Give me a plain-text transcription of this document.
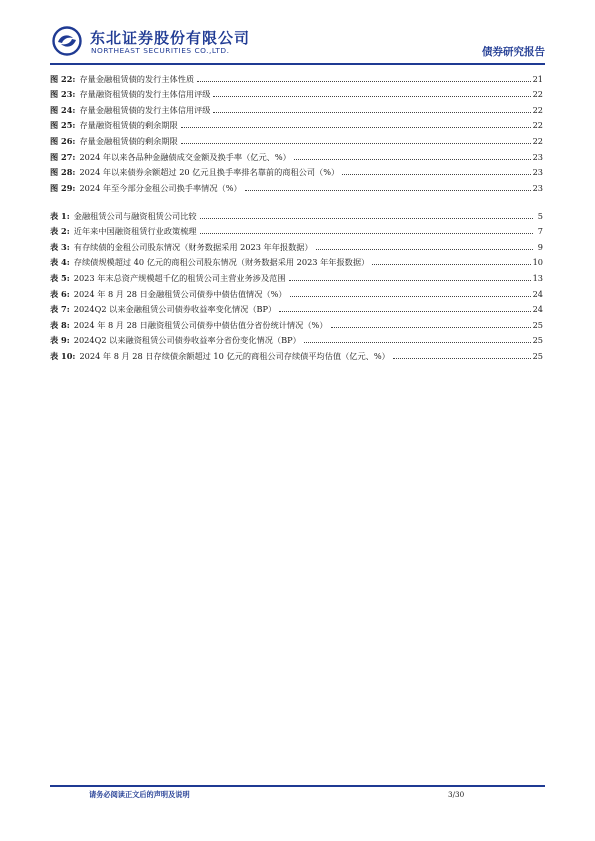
东北证券股份有限公司
NORTHEAST SECURITIES CO.,LTD.	债券研究报告
图 22: 存量金融租赁债的发行主体性质	21
图 23: 存量融资租赁债的发行主体信用评级	22
图 24: 存量金融租赁债的发行主体信用评级	22
图 25: 存量融资租赁债的剩余期限	22
图 26: 存量金融租赁债的剩余期限	22
图 27: 2024 年以来各品种金融债成交金额及换手率（亿元、%）	23
图 28: 2024 年以来债券余额超过 20 亿元且换手率排名靠前的商租公司（%）	23
图 29: 2024 年至今部分金租公司换手率情况（%）	23
表 1: 金融租赁公司与融资租赁公司比较	5
表 2: 近年来中国融资租赁行业政策梳理	7
表 3: 有存续债的金租公司股东情况（财务数据采用 2023 年年报数据）	9
表 4: 存续债规模超过 40 亿元的商租公司股东情况（财务数据采用 2023 年年报数据）	10
表 5: 2023 年末总资产规模超千亿的租赁公司主营业务涉及范围	13
表 6: 2024 年 8 月 28 日金融租赁公司债券中债估值情况（%）	24
表 7: 2024Q2 以来金融租赁公司债券收益率变化情况（BP）	24
表 8: 2024 年 8 月 28 日融资租赁公司债券中债估值分省份统计情况（%）	25
表 9: 2024Q2 以来融资租赁公司债券收益率分省份变化情况（BP）	25
表 10: 2024 年 8 月 28 日存续债余额超过 10 亿元的商租公司存续债平均估值（亿元、%）	25
请务必阅读正文后的声明及说明	3/30
